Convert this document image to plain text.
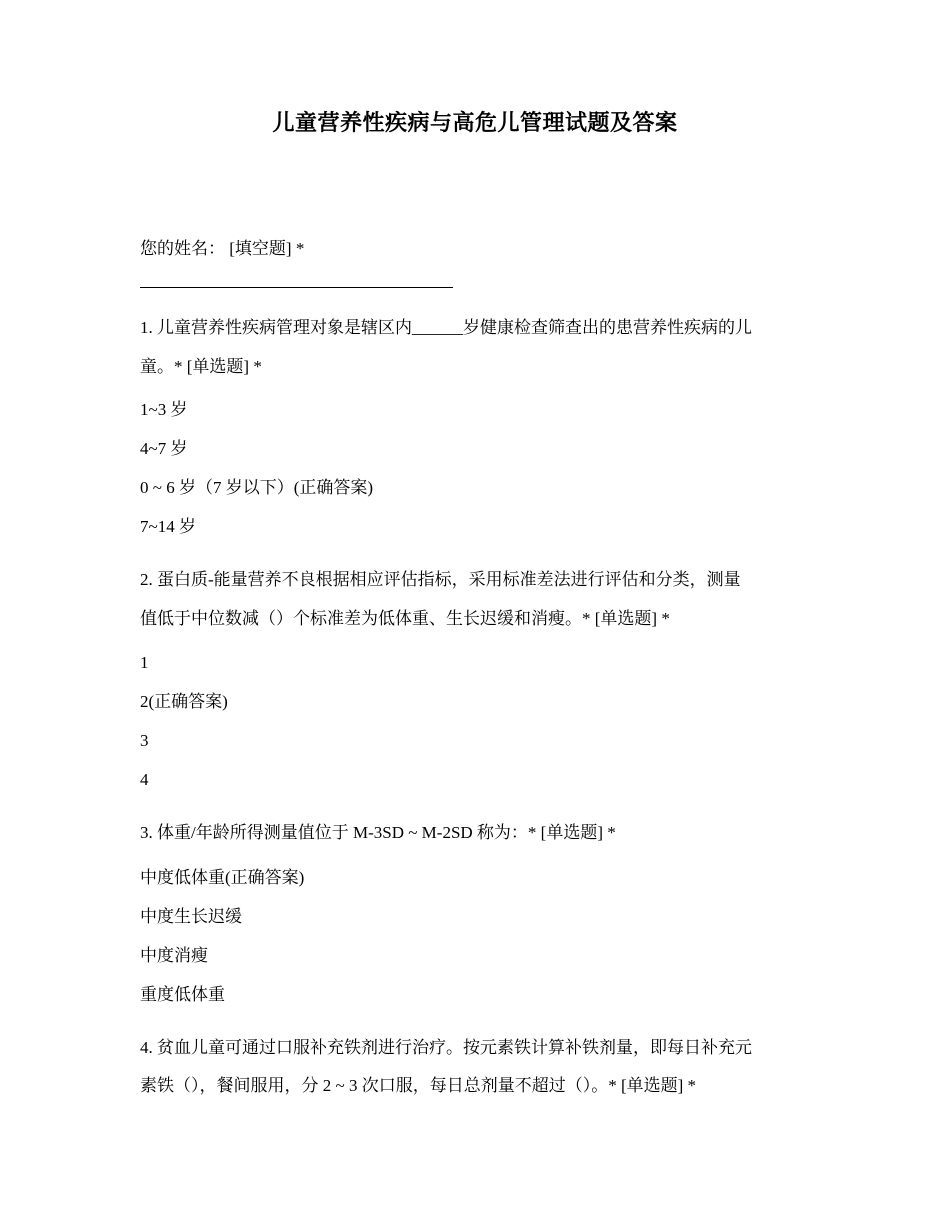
儿童营养性疾病与高危儿管理试题及答案

您的姓名： [填空题] *

1. 儿童营养性疾病管理对象是辖区内______岁健康检查筛查出的患营养性疾病的儿

童。* [单选题] *

1~3 岁

4~7 岁

0 ~ 6 岁（7 岁以下）(正确答案)

7~14 岁

2. 蛋白质-能量营养不良根据相应评估指标，采用标准差法进行评估和分类，测量

值低于中位数减（）个标准差为低体重、生长迟缓和消瘦。* [单选题] *

1

2(正确答案)

3

4

3. 体重/年龄所得测量值位于 M-3SD ~ M-2SD 称为：* [单选题] *

中度低体重(正确答案)

中度生长迟缓

中度消瘦

重度低体重

4. 贫血儿童可通过口服补充铁剂进行治疗。按元素铁计算补铁剂量，即每日补充元

素铁（），餐间服用，分 2 ~ 3 次口服，每日总剂量不超过（）。* [单选题] *
